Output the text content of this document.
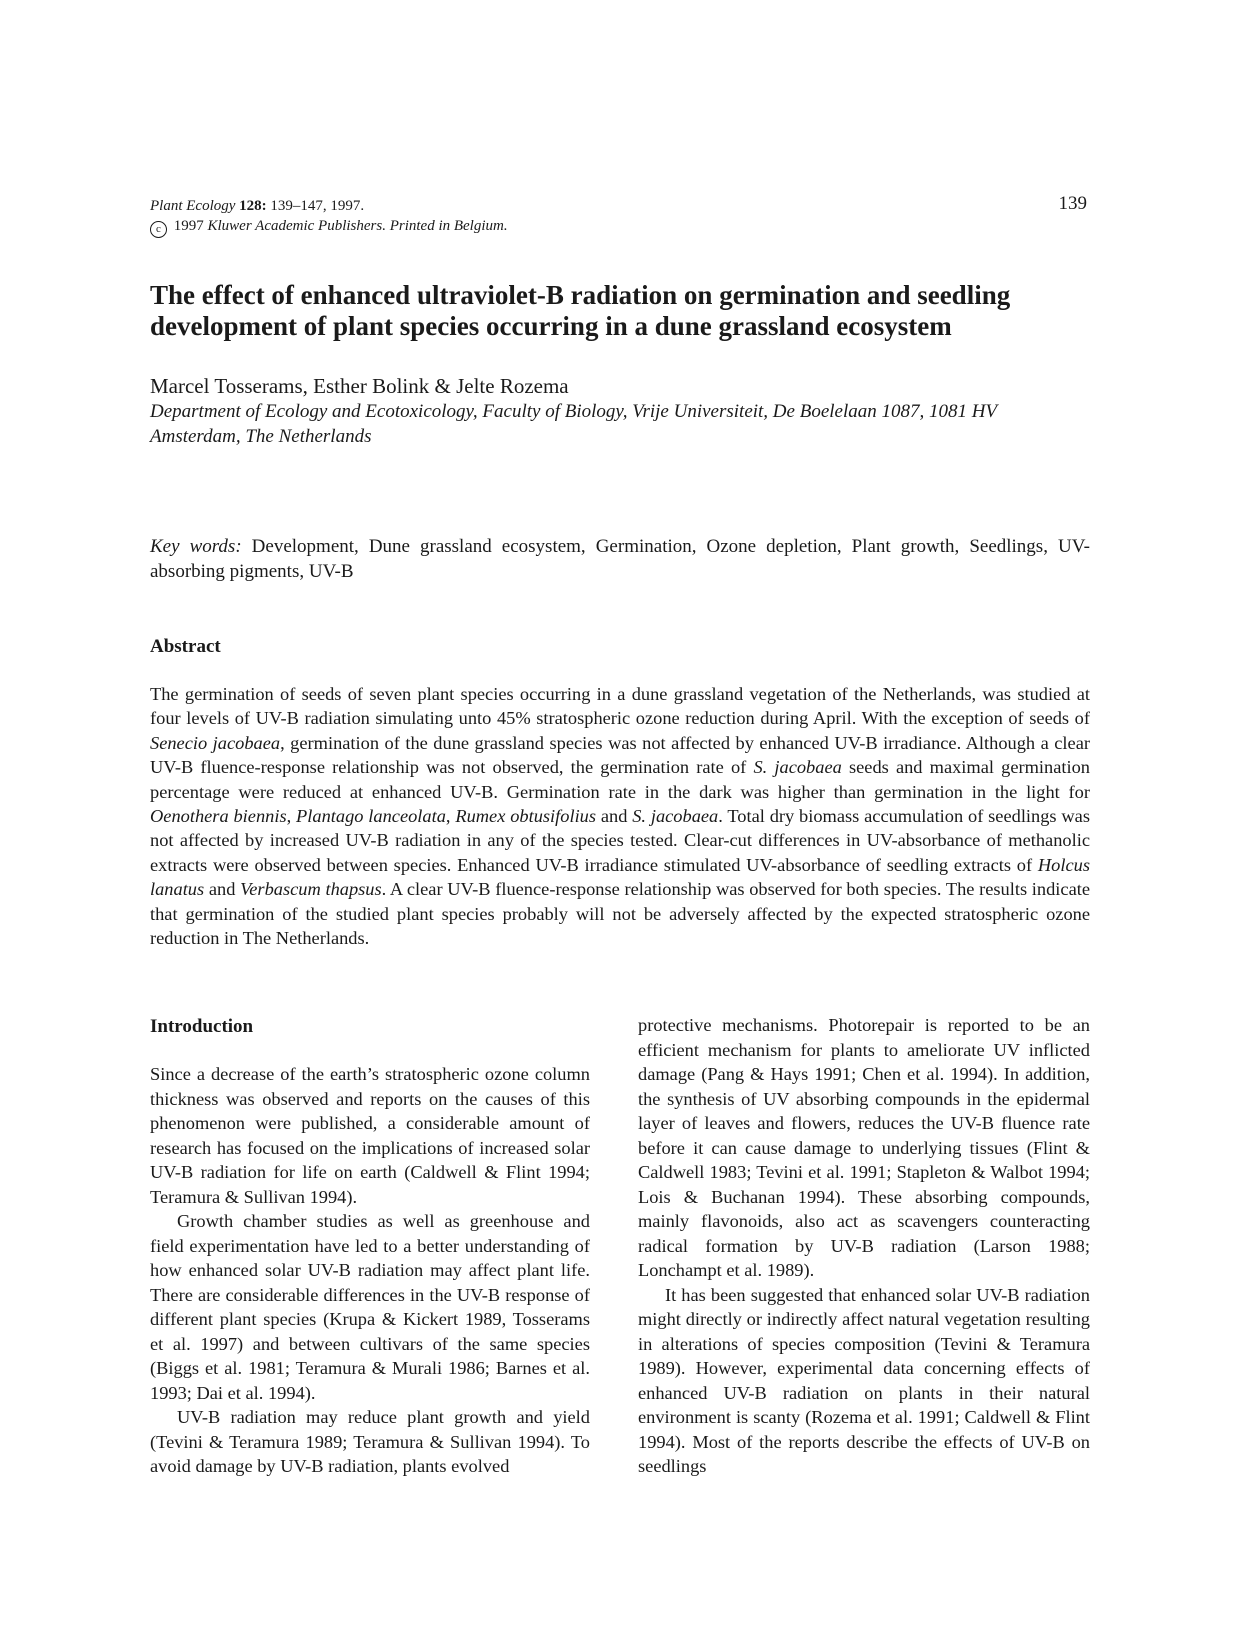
Plant Ecology 128: 139–147, 1997.
c 1997 Kluwer Academic Publishers. Printed in Belgium.
139
The effect of enhanced ultraviolet-B radiation on germination and seedling development of plant species occurring in a dune grassland ecosystem
Marcel Tosserams, Esther Bolink & Jelte Rozema
Department of Ecology and Ecotoxicology, Faculty of Biology, Vrije Universiteit, De Boelelaan 1087, 1081 HV Amsterdam, The Netherlands
Key words: Development, Dune grassland ecosystem, Germination, Ozone depletion, Plant growth, Seedlings, UV-absorbing pigments, UV-B
Abstract

The germination of seeds of seven plant species occurring in a dune grassland vegetation of the Netherlands, was studied at four levels of UV-B radiation simulating unto 45% stratospheric ozone reduction during April. With the exception of seeds of Senecio jacobaea, germination of the dune grassland species was not affected by enhanced UV-B irradiance. Although a clear UV-B fluence-response relationship was not observed, the germination rate of S. jacobaea seeds and maximal germination percentage were reduced at enhanced UV-B. Germination rate in the dark was higher than germination in the light for Oenothera biennis, Plantago lanceolata, Rumex obtusifolius and S. jacobaea. Total dry biomass accumulation of seedlings was not affected by increased UV-B radiation in any of the species tested. Clear-cut differences in UV-absorbance of methanolic extracts were observed between species. Enhanced UV-B irradiance stimulated UV-absorbance of seedling extracts of Holcus lanatus and Verbascum thapsus. A clear UV-B fluence-response relationship was observed for both species. The results indicate that germination of the studied plant species probably will not be adversely affected by the expected stratospheric ozone reduction in The Netherlands.

Introduction

Since a decrease of the earth’s stratospheric ozone column thickness was observed and reports on the causes of this phenomenon were published, a considerable amount of research has focused on the implications of increased solar UV-B radiation for life on earth (Caldwell & Flint 1994; Teramura & Sullivan 1994).

Growth chamber studies as well as greenhouse and field experimentation have led to a better understanding of how enhanced solar UV-B radiation may affect plant life. There are considerable differences in the UV-B response of different plant species (Krupa & Kickert 1989, Tosserams et al. 1997) and between cultivars of the same species (Biggs et al. 1981; Teramura & Murali 1986; Barnes et al. 1993; Dai et al. 1994).

UV-B radiation may reduce plant growth and yield (Tevini & Teramura 1989; Teramura & Sullivan 1994). To avoid damage by UV-B radiation, plants evolved

protective mechanisms. Photorepair is reported to be an efficient mechanism for plants to ameliorate UV inflicted damage (Pang & Hays 1991; Chen et al. 1994). In addition, the synthesis of UV absorbing compounds in the epidermal layer of leaves and flowers, reduces the UV-B fluence rate before it can cause damage to underlying tissues (Flint & Caldwell 1983; Tevini et al. 1991; Stapleton & Walbot 1994; Lois & Buchanan 1994). These absorbing compounds, mainly flavonoids, also act as scavengers counteracting radical formation by UV-B radiation (Larson 1988; Lonchampt et al. 1989).

It has been suggested that enhanced solar UV-B radiation might directly or indirectly affect natural vegetation resulting in alterations of species composition (Tevini & Teramura 1989). However, experimental data concerning effects of enhanced UV-B radiation on plants in their natural environment is scanty (Rozema et al. 1991; Caldwell & Flint 1994). Most of the reports describe the effects of UV-B on seedlings
